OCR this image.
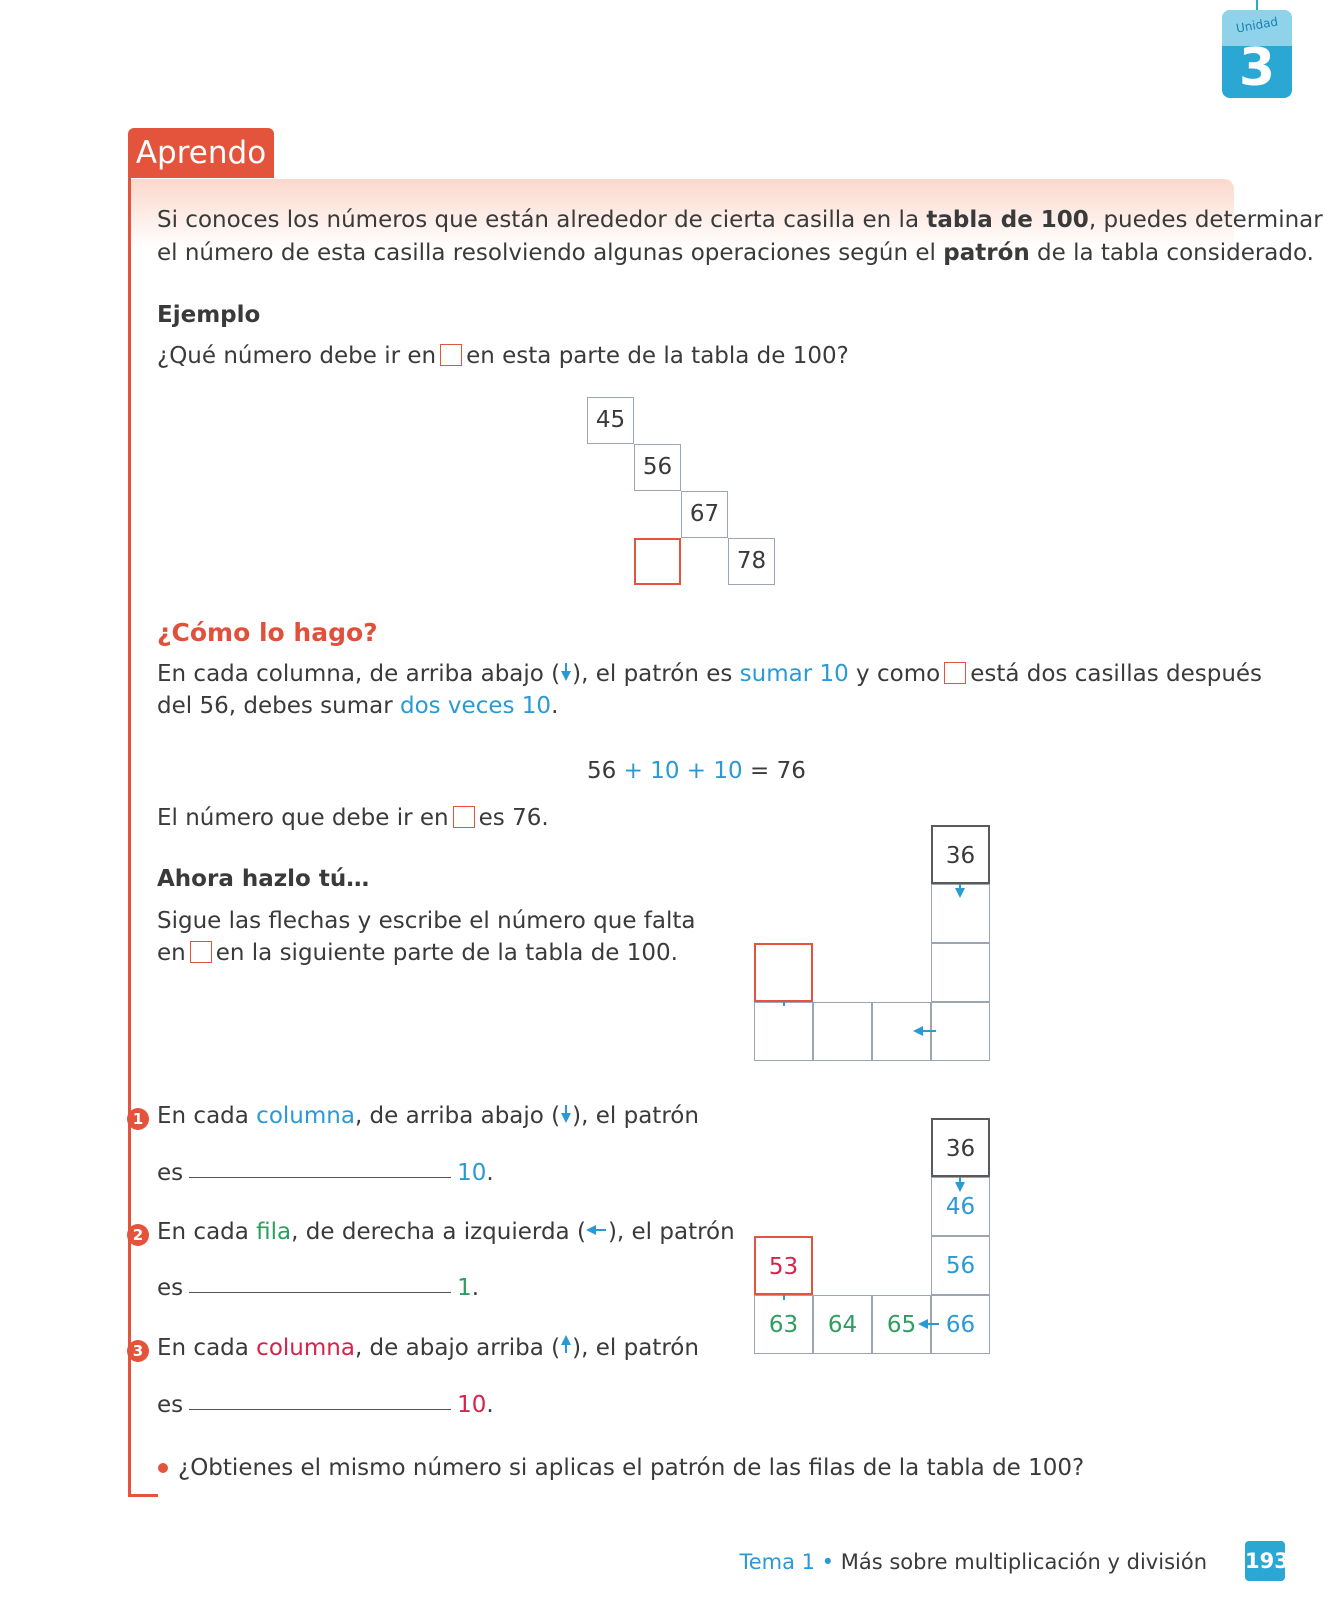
Unidad
3
Aprendo
Si conoces los números que están alrededor de cierta casilla en la tabla de 100, puedes determinar
el número de esta casilla resolviendo algunas operaciones según el patrón de la tabla considerado.
Ejemplo
¿Qué número debe ir en en esta parte de la tabla de 100?
45
56
67
78
¿Cómo lo hago?
En cada columna, de arriba abajo ( ), el patrón es sumar 10 y como está dos casillas después
del 56, debes sumar dos veces 10.
56 + 10 + 10 = 76
El número que debe ir en es 76.
Ahora hazlo tú…
Sigue las flechas y escribe el número que falta
en en la siguiente parte de la tabla de 100.
36
1 En cada columna, de arriba abajo ( ), el patrón
es	10.
2 En cada fila, de derecha a izquierda ( ), el patrón
es	1.
3 En cada columna, de abajo arriba ( ), el patrón
es	10.
46
56
66
65
64
63
53
36
¿Obtienes el mismo número si aplicas el patrón de las filas de la tabla de 100?
Tema 1 • Más sobre multiplicación y división 193
